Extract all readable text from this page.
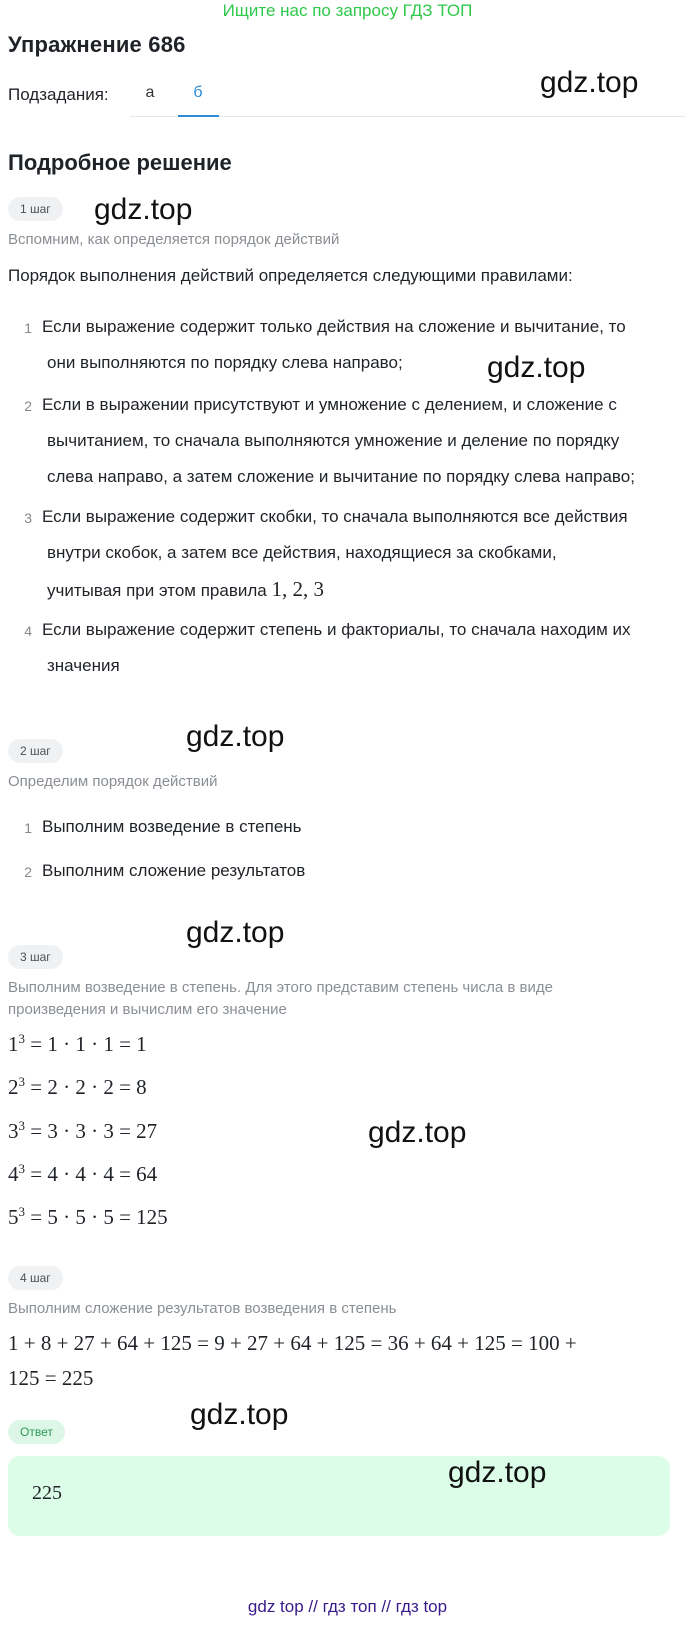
Ищите нас по запросу ГДЗ ТОП
Упражнение 686
Подзадания:	а	б	gdz.top
Подробное решение
1 шаг	gdz.top
Вспомним, как определяется порядок действий
Порядок выполнения действий определяется следующими правилами:
1 Если выражение содержит только действия на сложение и вычитание, то
они выполняются по порядку слева направо;	gdz.top
2 Если в выражении присутствуют и умножение с делением, и сложение с
вычитанием, то сначала выполняются умножение и деление по порядку
слева направо, а затем сложение и вычитание по порядку слева направо;
3 Если выражение содержит скобки, то сначала выполняются все действия
внутри скобок, а затем все действия, находящиеся за скобками,
учитывая при этом правила 1, 2, 3
4 Если выражение содержит степень и факториалы, то сначала находим их
значения
gdz.top
2 шаг
Определим порядок действий
1 Выполним возведение в степень
2 Выполним сложение результатов
gdz.top
3 шаг
Выполним возведение в степень. Для этого представим степень числа в виде
произведения и вычислим его значение
$1^3 = 1 \cdot 1 \cdot 1 = 1$
$2^3 = 2 \cdot 2 \cdot 2 = 8$
$3^3 = 3 \cdot 3 \cdot 3 = 27$	gdz.top
$4^3 = 4 \cdot 4 \cdot 4 = 64$
$5^3 = 5 \cdot 5 \cdot 5 = 125$
4 шаг
Выполним сложение результатов возведения в степень
1 + 8 + 27 + 64 + 125 = 9 + 27 + 64 + 125 = 36 + 64 + 125 = 100 +
125 = 225
gdz.top
Ответ
225
gdz.top
gdz top // гдз топ // гдз top
